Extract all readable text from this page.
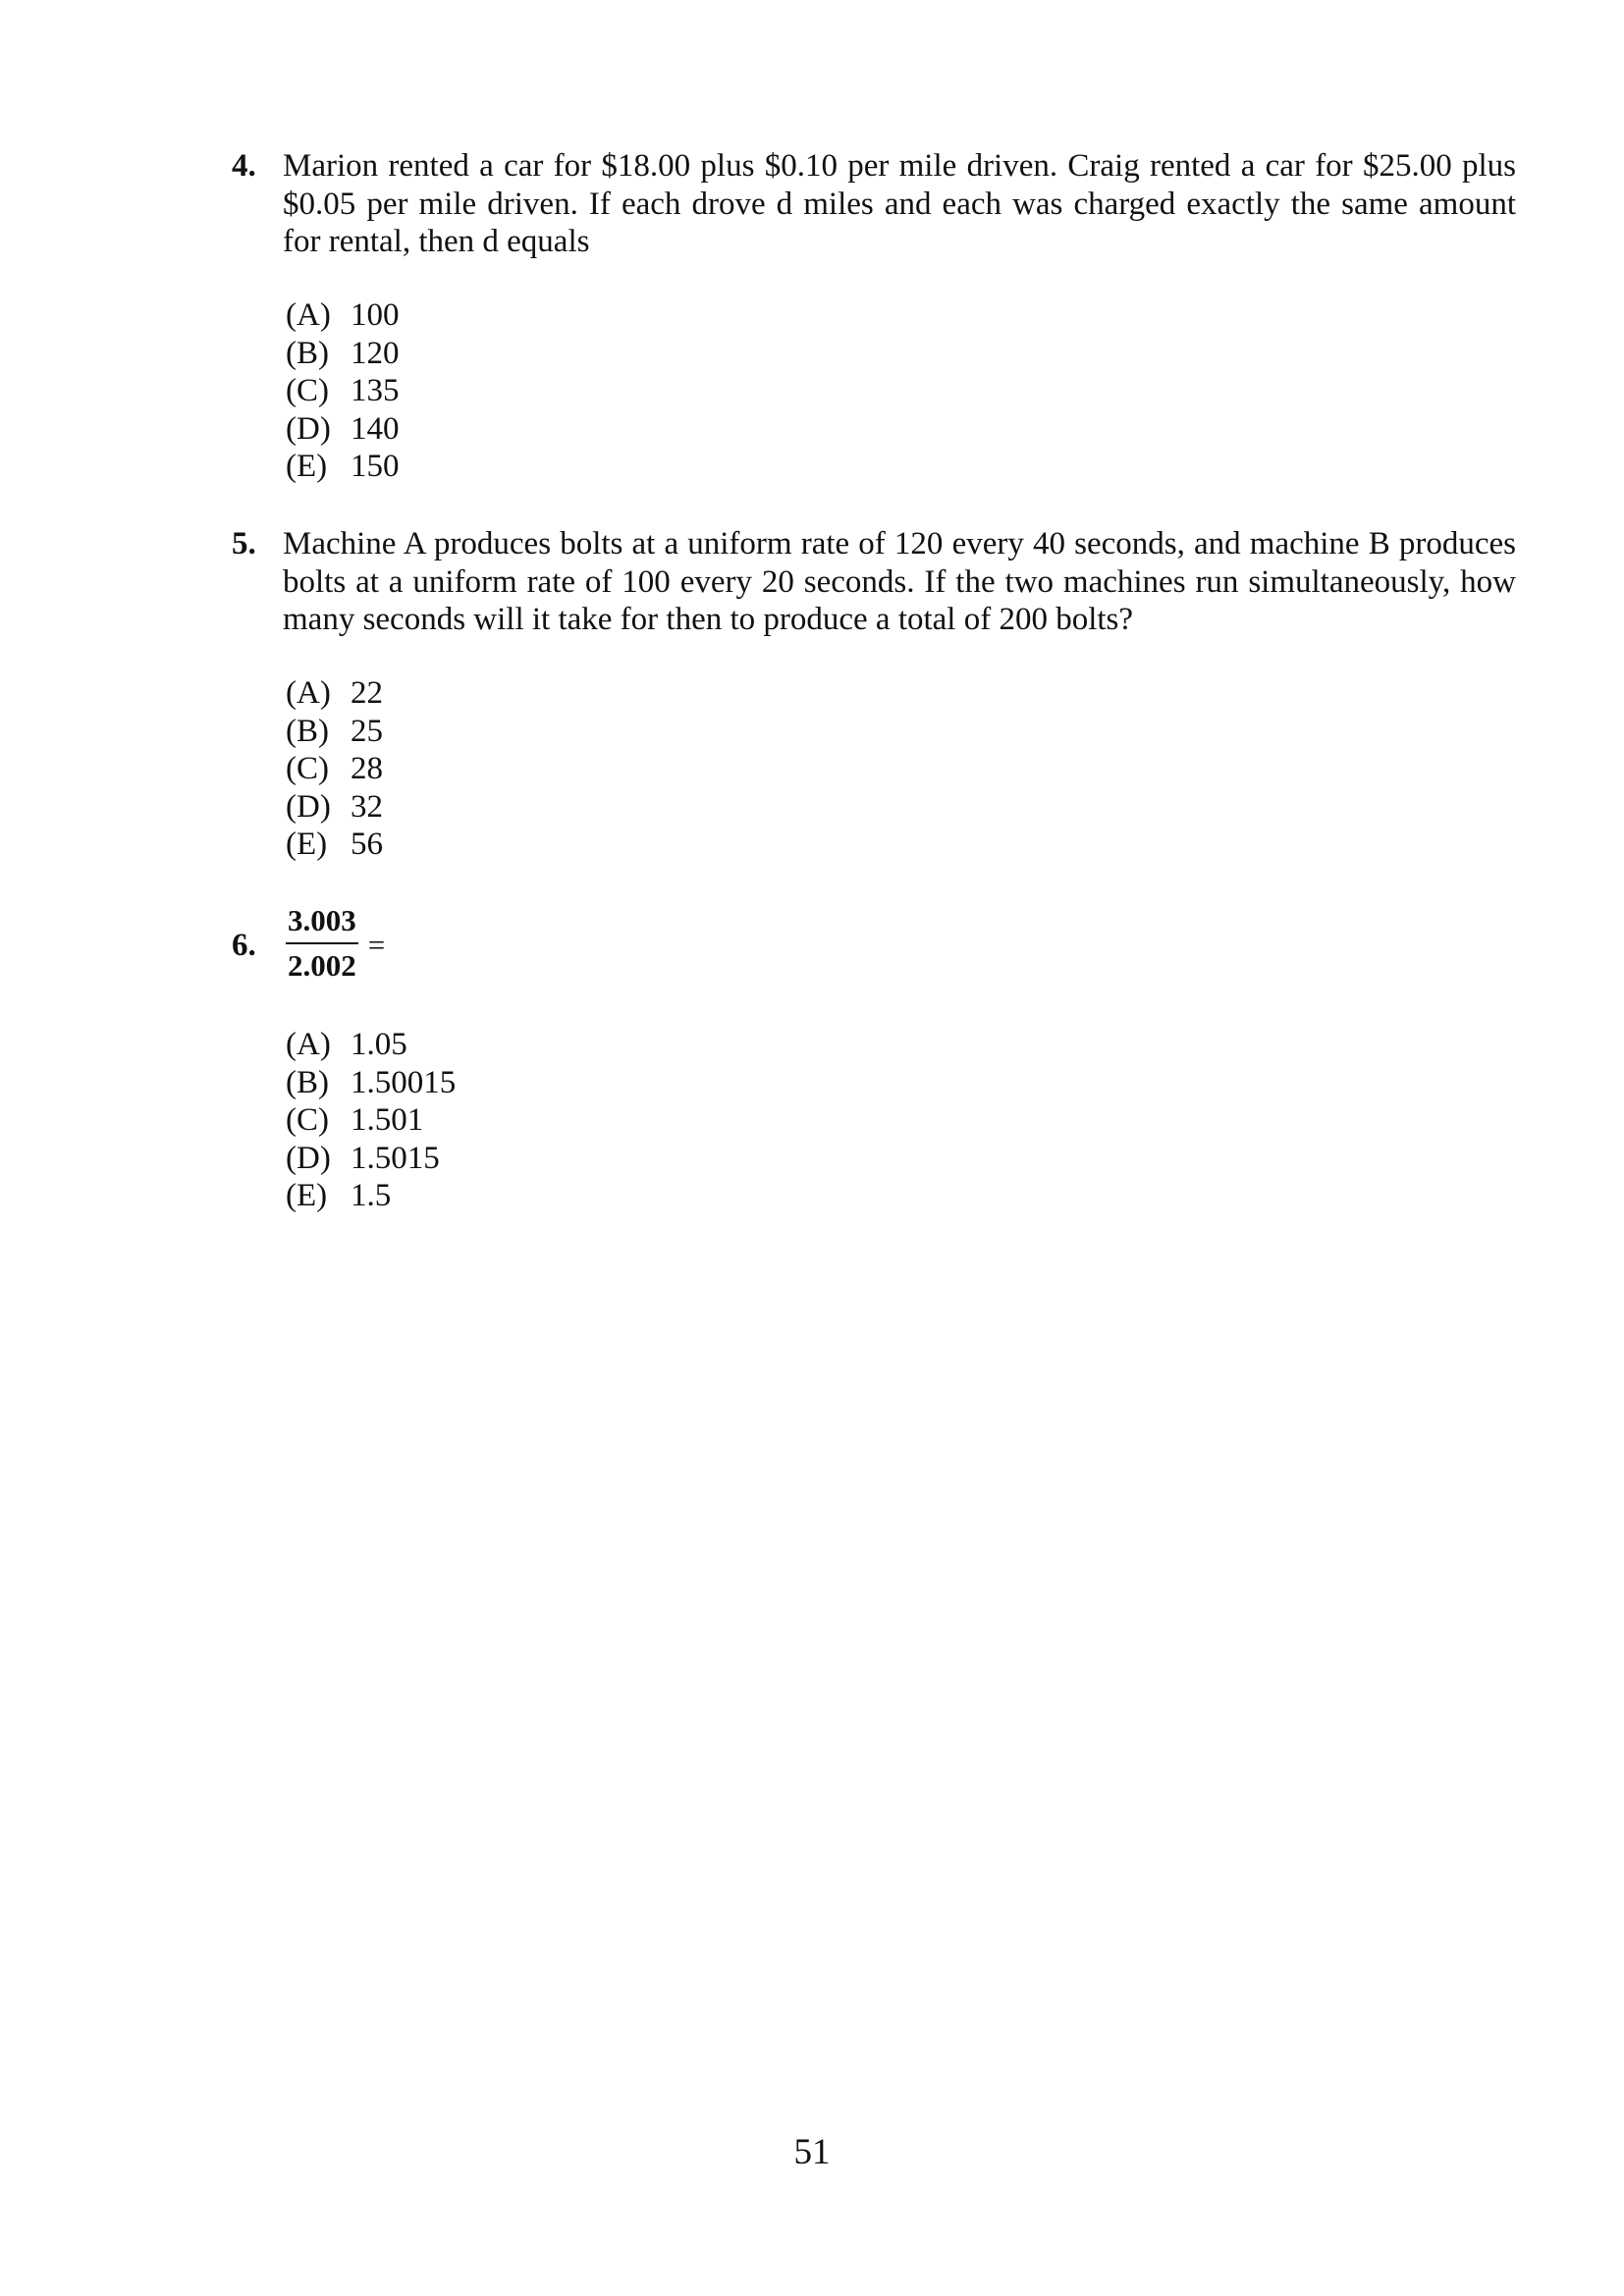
4. Marion rented a car for $18.00 plus $0.10 per mile driven. Craig rented a car for $25.00 plus $0.05 per mile driven. If each drove d miles and each was charged exactly the same amount for rental, then d equals

(A) 100
(B) 120
(C) 135
(D) 140
(E) 150
5. Machine A produces bolts at a uniform rate of 120 every 40 seconds, and machine B produces bolts at a uniform rate of 100 every 20 seconds. If the two machines run simultaneously, how many seconds will it take for then to produce a total of 200 bolts?

(A) 22
(B) 25
(C) 28
(D) 32
(E) 56
6. $\frac{3.003}{2.002}$ =
(A) 1.05
(B) 1.50015
(C) 1.501
(D) 1.5015
(E) 1.5
51
